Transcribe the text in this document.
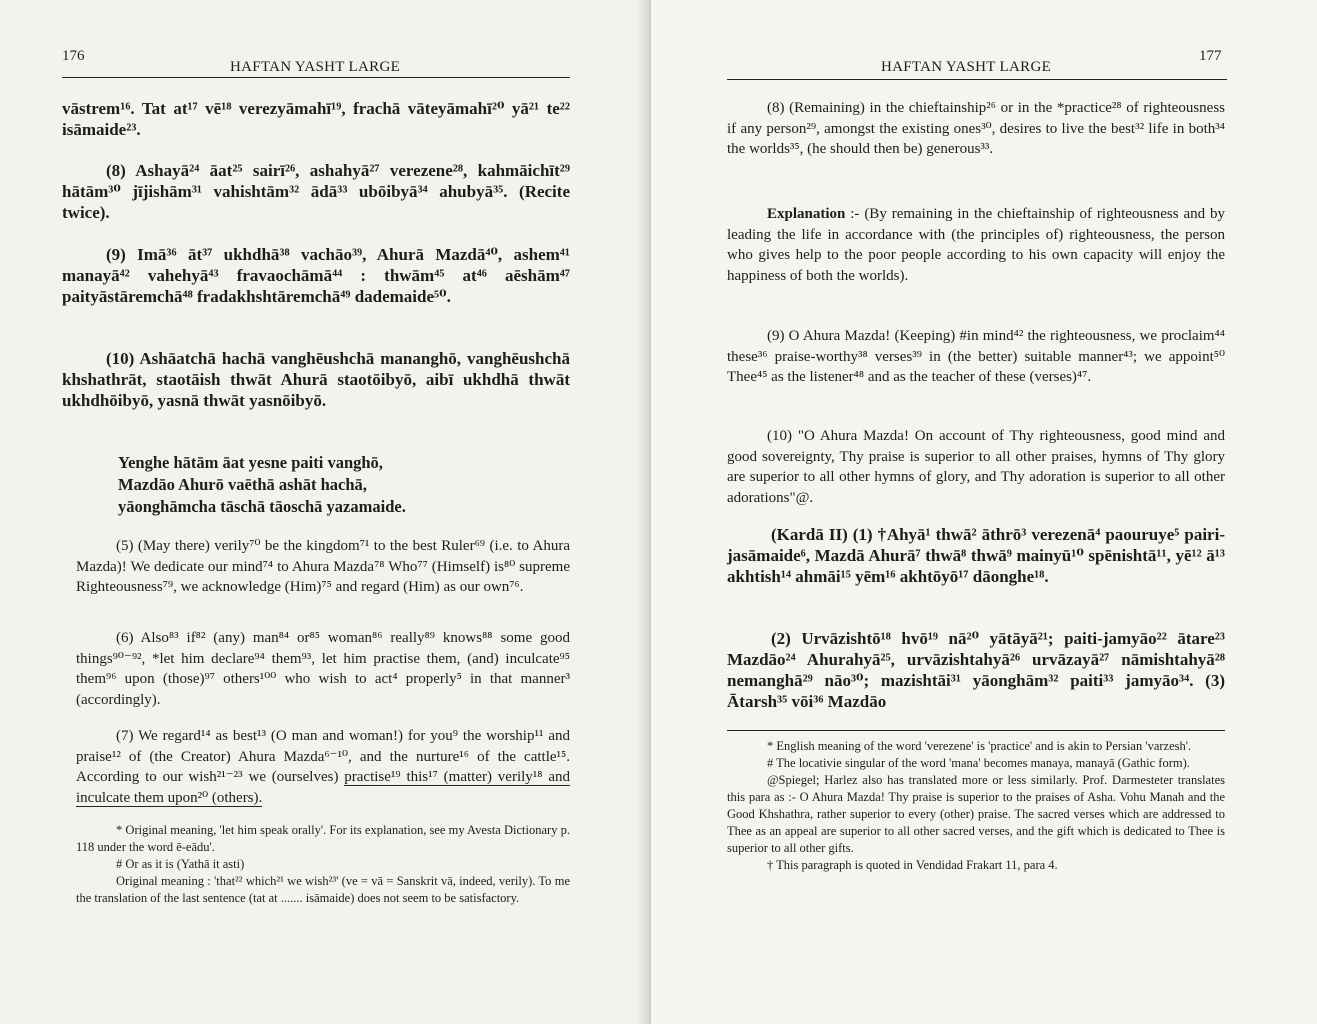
176
HAFTAN YASHT LARGE

vāstrem¹⁶. Tat at¹⁷ vē¹⁸ verezyāmahī¹⁹, frachā vāteyāmahī²⁰ yā²¹ te²² isāmaide²³.

(8) Ashayā²⁴ āat²⁵ sairī²⁶, ashahyā²⁷ verezene²⁸, kahmāichīt²⁹ hātām³⁰ jījishām³¹ vahishtām³² ādā³³ ubōibyā³⁴ ahubyā³⁵. (Recite twice).

(9) Imā³⁶ āt³⁷ ukhdhā³⁸ vachāo³⁹, Ahurā Mazdā⁴⁰, ashem⁴¹ manayā⁴² vahehyā⁴³ fravaochāmā⁴⁴ : thwām⁴⁵ at⁴⁶ aēshām⁴⁷ paityāstāremchā⁴⁸ fradakhshtāremchā⁴⁹ dademaide⁵⁰.

(10) Ashāatchā hachā vanghēushchā mananghō, vanghēushchā khshathrāt, staotāish thwāt Ahurā staotōibyō, aibī ukhdhā thwāt ukhdhōibyō, yasnā thwāt yasnōibyō.

Yenghe hātām āat yesne paiti vanghō,
Mazdāo Ahurō vaēthā ashāt hachā,
yāonghāmcha tāschā tāoschā yazamaide.

(5) (May there) verily⁷⁰ be the kingdom⁷¹ to the best Ruler⁶⁹ (i.e. to Ahura Mazda)! We dedicate our mind⁷⁴ to Ahura Mazda⁷⁸ Who⁷⁷ (Himself) is⁸⁰ supreme Righteousness⁷⁹, we acknowledge (Him)⁷⁵ and regard (Him) as our own⁷⁶.

(6) Also⁸³ if⁸² (any) man⁸⁴ or⁸⁵ woman⁸⁶ really⁸⁹ knows⁸⁸ some good things⁹⁰⁻⁹², *let him declare⁹⁴ them⁹³, let him practise them, (and) inculcate⁹⁵ them⁹⁶ upon (those)⁹⁷ others¹⁰⁰ who wish to act⁴ properly⁵ in that manner³ (accordingly).

(7) We regard¹⁴ as best¹³ (O man and woman!) for you⁹ the worship¹¹ and praise¹² of (the Creator) Ahura Mazda⁶⁻¹⁰, and the nurture¹⁶ of the cattle¹⁵. According to our wish²¹⁻²³ we (ourselves) practise¹⁹ this¹⁷ (matter) verily¹⁸ and inculcate them upon²⁰ (others).

* Original meaning, 'let him speak orally'. For its explanation, see my Avesta Dictionary p. 118 under the word ē-eādu'.

# Or as it is (Yathā it asti)

Original meaning : 'that²² which²¹ we wish²³' (ve = vā = Sanskrit vā, indeed, verily). To me the translation of the last sentence (tat at ....... isāmaide) does not seem to be satisfactory.

177
HAFTAN YASHT LARGE

(8) (Remaining) in the chieftainship²⁶ or in the *practice²⁸ of righteousness if any person²⁹, amongst the existing ones³⁰, desires to live the best³² life in both³⁴ the worlds³⁵, (he should then be) generous³³.

Explanation :- (By remaining in the chieftainship of righteousness and by leading the life in accordance with (the principles of) righteousness, the person who gives help to the poor people according to his own capacity will enjoy the happiness of both the worlds).

(9) O Ahura Mazda! (Keeping) #in mind⁴² the righteousness, we proclaim⁴⁴ these³⁶ praise-worthy³⁸ verses³⁹ in (the better) suitable manner⁴³; we appoint⁵⁰ Thee⁴⁵ as the listener⁴⁸ and as the teacher of these (verses)⁴⁷.

(10) "O Ahura Mazda! On account of Thy righteousness, good mind and good sovereignty, Thy praise is superior to all other praises, hymns of Thy glory are superior to all other hymns of glory, and Thy adoration is superior to all other adorations"@.

(Kardā II) (1) †Ahyā¹ thwā² āthrō³ verezenā⁴ paouruye⁵ pairi-jasāmaide⁶, Mazdā Ahurā⁷ thwā⁸ thwā⁹ mainyū¹⁰ spēnishtā¹¹, yē¹² ā¹³ akhtish¹⁴ ahmāi¹⁵ yēm¹⁶ akhtōyō¹⁷ dāonghe¹⁸.

(2) Urvāzishtō¹⁸ hvō¹⁹ nā²⁰ yātāyā²¹; paiti-jamyāo²² ātare²³ Mazdāo²⁴ Ahurahyā²⁵, urvāzishtahyā²⁶ urvāzayā²⁷ nāmishtahyā²⁸ nemanghā²⁹ nāo³⁰; mazishtāi³¹ yāonghām³² paiti³³ jamyāo³⁴. (3) Ātarsh³⁵ vōi³⁶ Mazdāo

* English meaning of the word 'verezene' is 'practice' and is akin to Persian 'varzesh'.

# The locativie singular of the word 'mana' becomes manaya, manayā (Gathic form).

@Spiegel; Harlez also has translated more or less similarly. Prof. Darmesteter translates this para as :- O Ahura Mazda! Thy praise is superior to the praises of Asha. Vohu Manah and the Good Khshathra, rather superior to every (other) praise. The sacred verses which are addressed to Thee as an appeal are superior to all other sacred verses, and the gift which is dedicated to Thee is superior to all other gifts.

† This paragraph is quoted in Vendidad Frakart 11, para 4.
